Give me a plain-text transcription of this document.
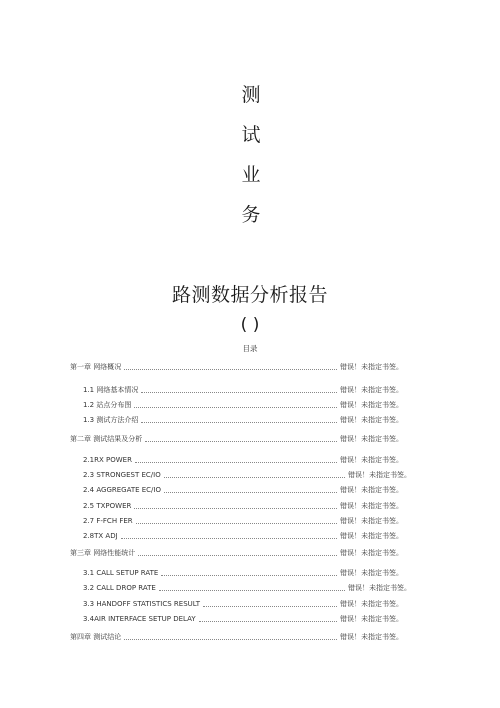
测
试
业
务
路测数据分析报告
( )
目录
第一章 网络概况	错误！未指定书签。
1.1 网络基本情况	错误！未指定书签。
1.2 站点分布图	错误！未指定书签。
1.3 测试方法介绍	错误！未指定书签。
第二章 测试结果及分析	错误！未指定书签。
2.1RX POWER	错误！未指定书签。
2.3 STRONGEST EC/IO	错误！未指定书签。
2.4 AGGREGATE EC/IO	错误！未指定书签。
2.5 TXPOWER	错误！未指定书签。
2.7 F-FCH FER	错误！未指定书签。
2.8TX ADJ	错误！未指定书签。
第三章 网络性能统计	错误！未指定书签。
3.1 CALL SETUP RATE	错误！未指定书签。
3.2 CALL DROP RATE	错误！未指定书签。
3.3 HANDOFF STATISTICS RESULT	错误！未指定书签。
3.4AIR INTERFACE SETUP DELAY	错误！未指定书签。
第四章 测试结论	错误！未指定书签。
